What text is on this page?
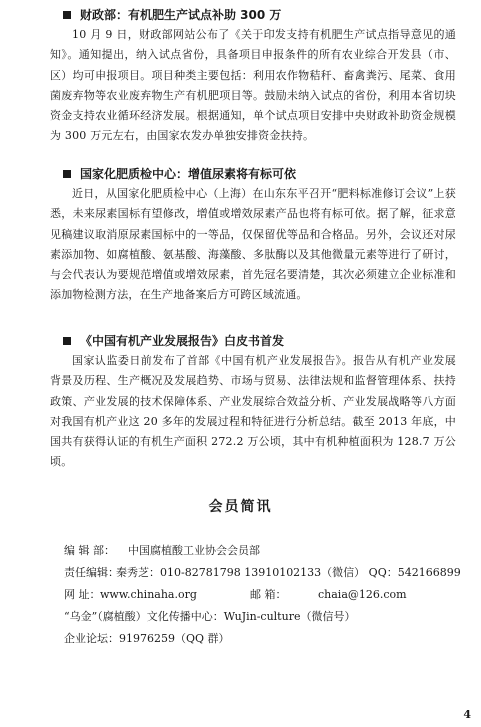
财政部：有机肥生产试点补助 300 万

10 月 9 日，财政部网站公布了《关于印发支持有机肥生产试点指导意见的通知》。通知提出，纳入试点省份，具备项目申报条件的所有农业综合开发县（市、区）均可申报项目。项目种类主要包括：利用农作物秸秆、畜禽粪污、尾菜、食用菌废弃物等农业废弃物生产有机肥项目等。鼓励未纳入试点的省份，利用本省切块资金支持农业循环经济发展。根据通知，单个试点项目安排中央财政补助资金规模为 300 万元左右，由国家农发办单独安排资金扶持。

国家化肥质检中心：增值尿素将有标可依

近日，从国家化肥质检中心（上海）在山东东平召开“肥料标准修订会议”上获悉，未来尿素国标有望修改，增值或增效尿素产品也将有标可依。据了解，征求意见稿建议取消原尿素国标中的一等品，仅保留优等品和合格品。另外，会议还对尿素添加物、如腐植酸、氨基酸、海藻酸、多肽酶以及其他微量元素等进行了研讨，与会代表认为要规范增值或增效尿素，首先冠名要清楚，其次必须建立企业标准和添加物检测方法，在生产地备案后方可跨区域流通。

《中国有机产业发展报告》白皮书首发

国家认监委日前发布了首部《中国有机产业发展报告》。报告从有机产业发展背景及历程、生产概况及发展趋势、市场与贸易、法律法规和监督管理体系、扶持政策、产业发展的技术保障体系、产业发展综合效益分析、产业发展战略等八方面对我国有机产业这 20 多年的发展过程和特征进行分析总结。截至 2013 年底，中国共有获得认证的有机生产面积 272.2 万公顷，其中有机种植面积为 128.7 万公顷。

会员简讯
编 辑 部： 中国腐植酸工业协会会员部
责任编辑：秦秀芝：010-82781798 13910102133（微信） QQ：542166899
网 址：www.chinaha.org	邮 箱：	chaia@126.com
“乌金”（腐植酸）文化传播中心：WuJin-culture（微信号）
企业论坛：91976259（QQ 群）
4
